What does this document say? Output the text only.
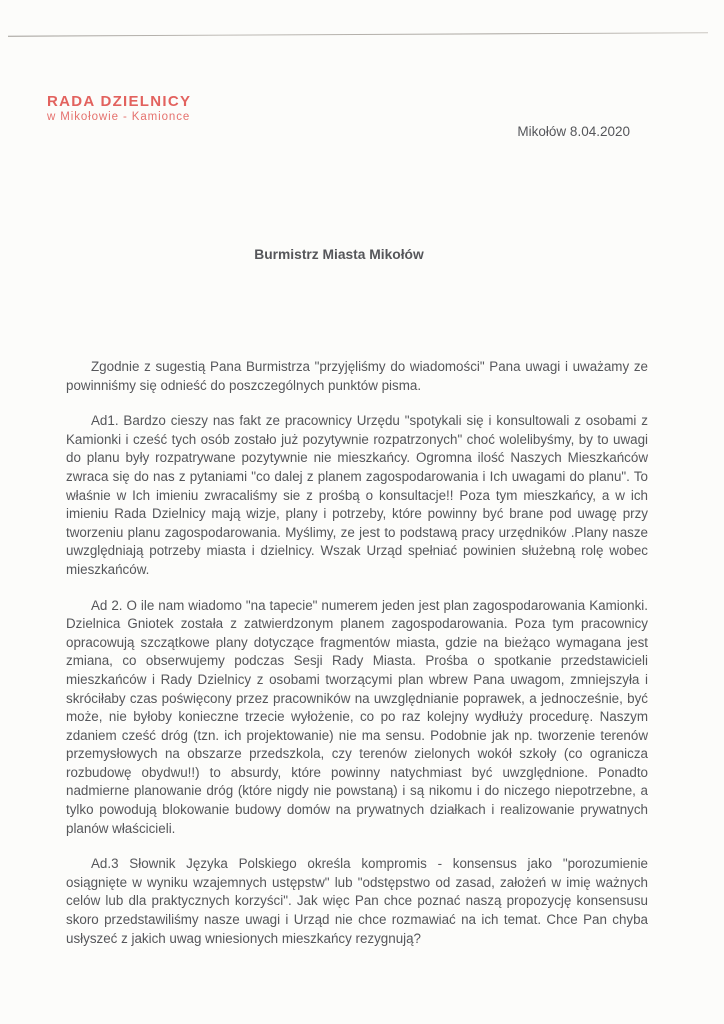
RADA DZIELNICY
w Mikołowie - Kamionce
Mikołów 8.04.2020
Burmistrz Miasta Mikołów

Zgodnie z sugestią Pana Burmistrza "przyjęliśmy do wiadomości" Pana uwagi i uważamy ze powinniśmy się odnieść do poszczególnych punktów pisma.

Ad1. Bardzo cieszy nas fakt ze pracownicy Urzędu "spotykali się i konsultowali z osobami z Kamionki i cześć tych osób zostało już pozytywnie rozpatrzonych" choć wolelibyśmy, by to uwagi do planu były rozpatrywane pozytywnie nie mieszkańcy. Ogromna ilość Naszych Mieszkańców zwraca się do nas z pytaniami "co dalej z planem zagospodarowania i Ich uwagami do planu". To właśnie w Ich imieniu zwracaliśmy sie z prośbą o konsultacje!! Poza tym mieszkańcy, a w ich imieniu Rada Dzielnicy mają wizje, plany i potrzeby, które powinny być brane pod uwagę przy tworzeniu planu zagospodarowania. Myślimy, ze jest to podstawą pracy urzędników .Plany nasze uwzględniają potrzeby miasta i dzielnicy. Wszak Urząd spełniać powinien służebną rolę wobec mieszkańców.

Ad 2. O ile nam wiadomo "na tapecie" numerem jeden jest plan zagospodarowania Kamionki. Dzielnica Gniotek została z zatwierdzonym planem zagospodarowania. Poza tym pracownicy opracowują szczątkowe plany dotyczące fragmentów miasta, gdzie na bieżąco wymagana jest zmiana, co obserwujemy podczas Sesji Rady Miasta. Prośba o spotkanie przedstawicieli mieszkańców i Rady Dzielnicy z osobami tworzącymi plan wbrew Pana uwagom, zmniejszyła i skróciłaby czas poświęcony przez pracowników na uwzględnianie poprawek, a jednocześnie, być może, nie byłoby konieczne trzecie wyłożenie, co po raz kolejny wydłuży procedurę. Naszym zdaniem cześć dróg (tzn. ich projektowanie) nie ma sensu. Podobnie jak np. tworzenie terenów przemysłowych na obszarze przedszkola, czy terenów zielonych wokół szkoły (co ogranicza rozbudowę obydwu!!) to absurdy, które powinny natychmiast być uwzględnione. Ponadto nadmierne planowanie dróg (które nigdy nie powstaną) i są nikomu i do niczego niepotrzebne, a tylko powodują blokowanie budowy domów na prywatnych działkach i realizowanie prywatnych planów właścicieli.

Ad.3 Słownik Języka Polskiego określa kompromis - konsensus jako "porozumienie osiągnięte w wyniku wzajemnych ustępstw" lub "odstępstwo od zasad, założeń w imię ważnych celów lub dla praktycznych korzyści". Jak więc Pan chce poznać naszą propozycję konsensusu skoro przedstawiliśmy nasze uwagi i Urząd nie chce rozmawiać na ich temat. Chce Pan chyba usłyszeć z jakich uwag wniesionych mieszkańcy rezygnują?
